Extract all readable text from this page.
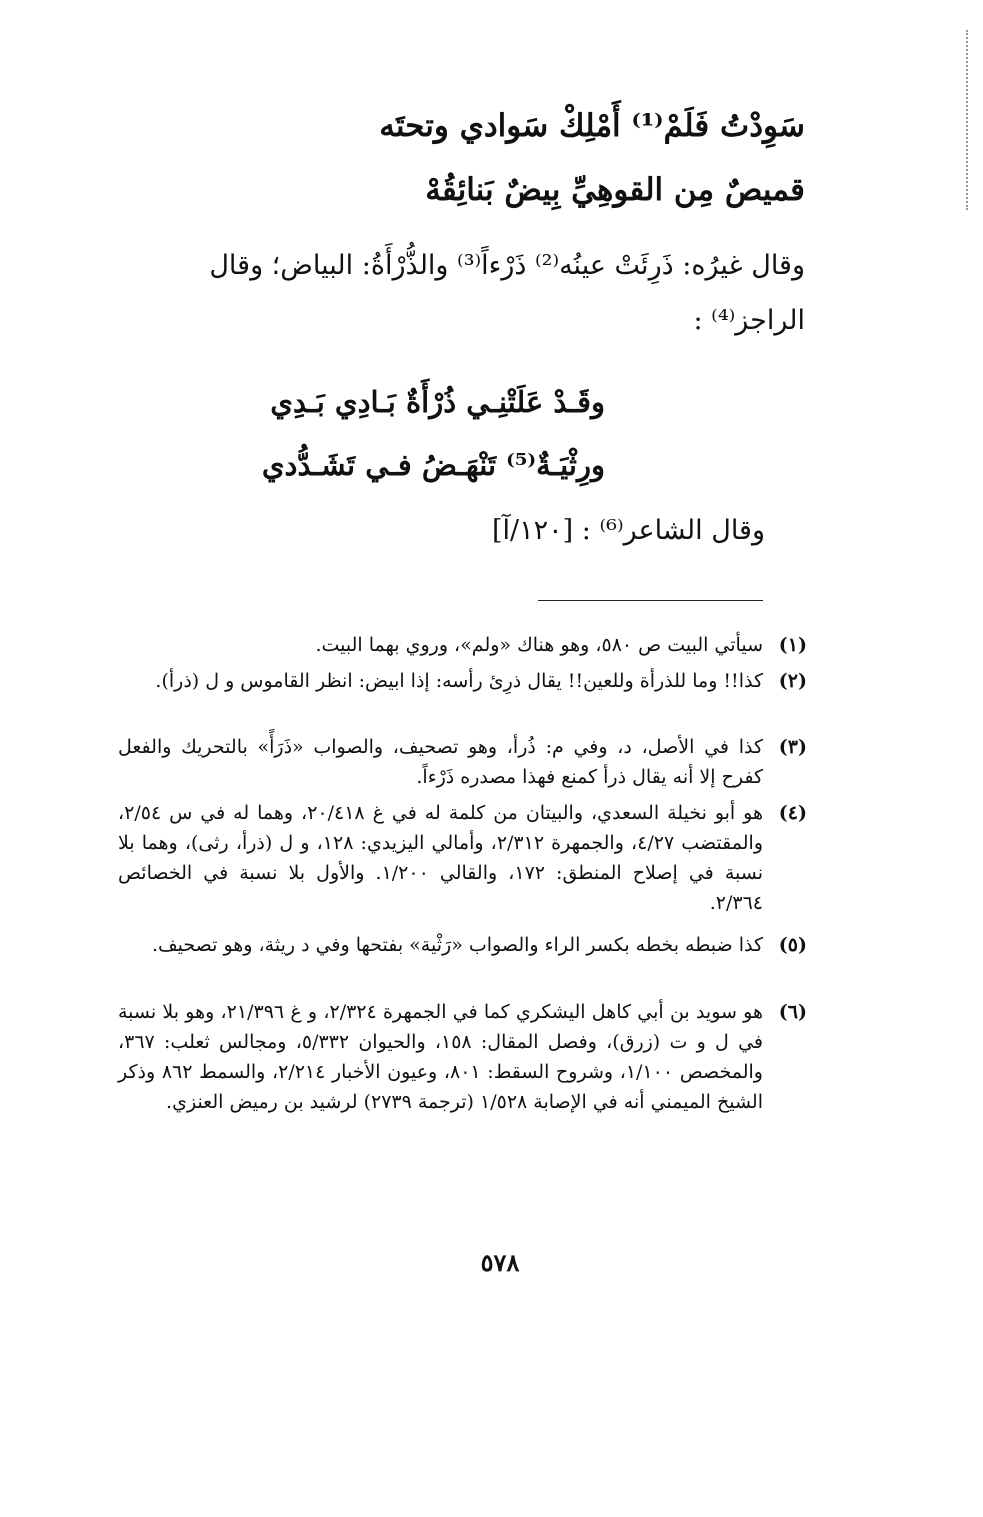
سَوِدْتُ فَلَمْ⁽¹⁾ أَمْلِكْ سَوادي وتحتَه
قميصٌ مِن القوهِيِّ بِيضٌ بَنائِقُهْ
وقال غيرُه: ذَرِئَتْ عينُه⁽²⁾ ذَرْءاً⁽³⁾ والذُّرْأَةُ: البياض؛ وقال
الراجز⁽⁴⁾ :
وقَـدْ عَلَتْنِـي ذُرْأَةٌ بَـادِي بَـدِي
ورِثْيَـةٌ⁽⁵⁾ تَنْهَـضُ فـي تَشَـدُّدي
وقال الشاعر⁽⁶⁾ : [١٢٠/آ]
(١)
سيأتي البيت ص ٥٨٠، وهو هناك «ولم»، وروي بهما البيت.
(٢)
كذا!! وما للذرأة وللعين!! يقال ذرِئ رأسه: إذا ابيض: انظر القاموس و ل (ذرأ).
(٣)
كذا في الأصل، د، وفي م: ذُرأ، وهو تصحيف، والصواب «ذَرَأً» بالتحريك والفعل كفرح إلا أنه يقال ذرأ كمنع فهذا مصدره ذَرْءاً.
(٤)
هو أبو نخيلة السعدي، والبيتان من كلمة له في غ ٢٠/٤١٨، وهما له في س ٢/٥٤، والمقتضب ٤/٢٧، والجمهرة ٢/٣١٢، وأمالي اليزيدي: ١٢٨، و ل (ذرأ، رثى)، وهما بلا نسبة في إصلاح المنطق: ١٧٢، والقالي ١/٢٠٠. والأول بلا نسبة في الخصائص ٢/٣٦٤.
(٥)
كذا ضبطه بخطه بكسر الراء والصواب «رَثْية» بفتحها وفي د ريثة، وهو تصحيف.
(٦)
هو سويد بن أبي كاهل اليشكري كما في الجمهرة ٢/٣٢٤، و غ ٢١/٣٩٦، وهو بلا نسبة في ل و ت (زرق)، وفصل المقال: ١٥٨، والحيوان ٥/٣٣٢، ومجالس ثعلب: ٣٦٧، والمخصص ١/١٠٠، وشروح السقط: ٨٠١، وعيون الأخبار ٢/٢١٤، والسمط ٨٦٢ وذكر الشيخ الميمني أنه في الإصابة ١/٥٢٨ (ترجمة ٢٧٣٩) لرشيد بن رميض العنزي.
٥٧٨
